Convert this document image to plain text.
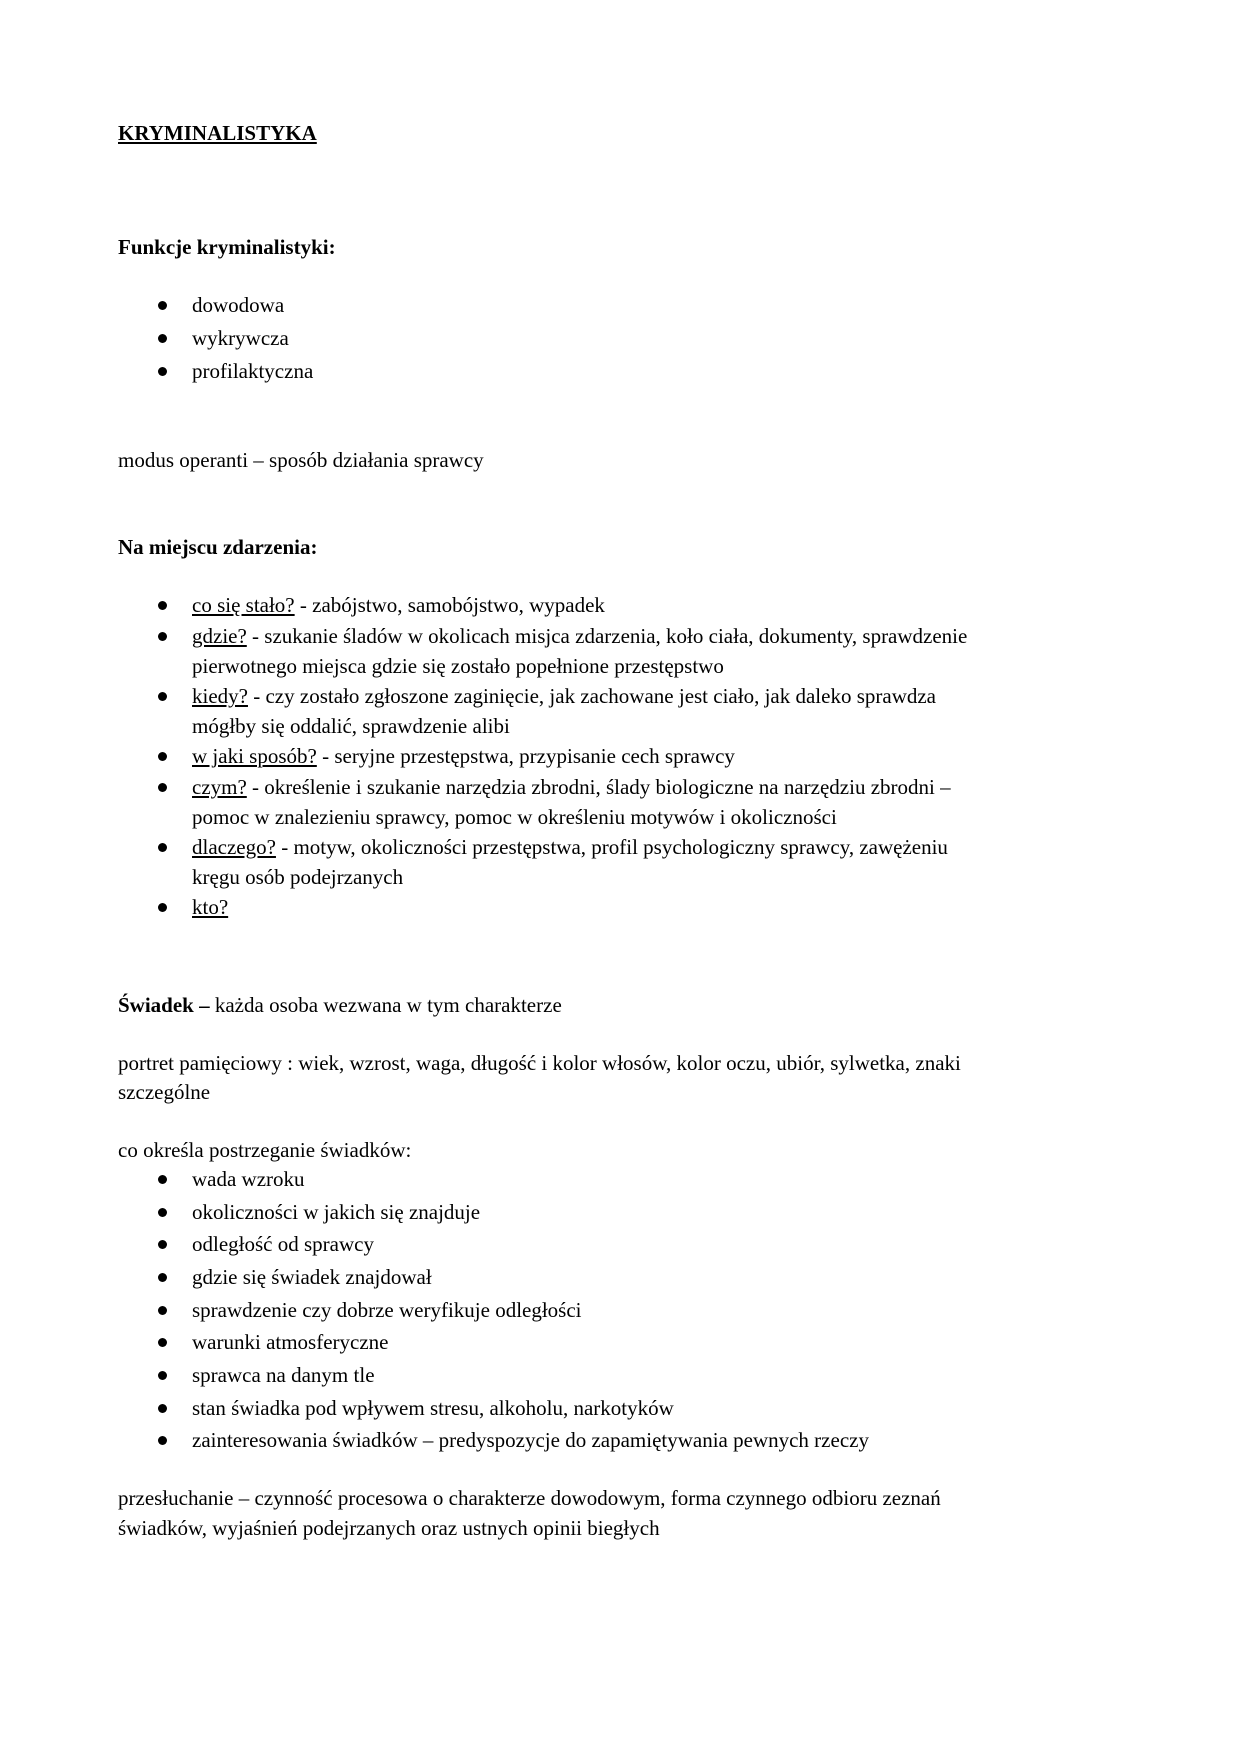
KRYMINALISTYKA
Funkcje kryminalistyki:
dowodowa
wykrywcza
profilaktyczna
modus operanti – sposób działania sprawcy
Na miejscu zdarzenia:
co się stało? - zabójstwo, samobójstwo, wypadek
gdzie? - szukanie śladów w okolicach misjca zdarzenia, koło ciała, dokumenty, sprawdzenie
pierwotnego miejsca gdzie się zostało popełnione przestępstwo
kiedy? - czy zostało zgłoszone zaginięcie, jak zachowane jest ciało, jak daleko sprawdza
mógłby się oddalić, sprawdzenie alibi
w jaki sposób? - seryjne przestępstwa, przypisanie cech sprawcy
czym? - określenie i szukanie narzędzia zbrodni, ślady biologiczne na narzędziu zbrodni –
pomoc w znalezieniu sprawcy, pomoc w określeniu motywów i okoliczności
dlaczego? - motyw, okoliczności przestępstwa, profil psychologiczny sprawcy, zawężeniu
kręgu osób podejrzanych
kto?
Świadek – każda osoba wezwana w tym charakterze
portret pamięciowy : wiek, wzrost, waga, długość i kolor włosów, kolor oczu, ubiór, sylwetka, znaki
szczególne
co określa postrzeganie świadków:
wada wzroku
okoliczności w jakich się znajduje
odległość od sprawcy
gdzie się świadek znajdował
sprawdzenie czy dobrze weryfikuje odległości
warunki atmosferyczne
sprawca na danym tle
stan świadka pod wpływem stresu, alkoholu, narkotyków
zainteresowania świadków – predyspozycje do zapamiętywania pewnych rzeczy
przesłuchanie – czynność procesowa o charakterze dowodowym, forma czynnego odbioru zeznań
świadków, wyjaśnień podejrzanych oraz ustnych opinii biegłych
